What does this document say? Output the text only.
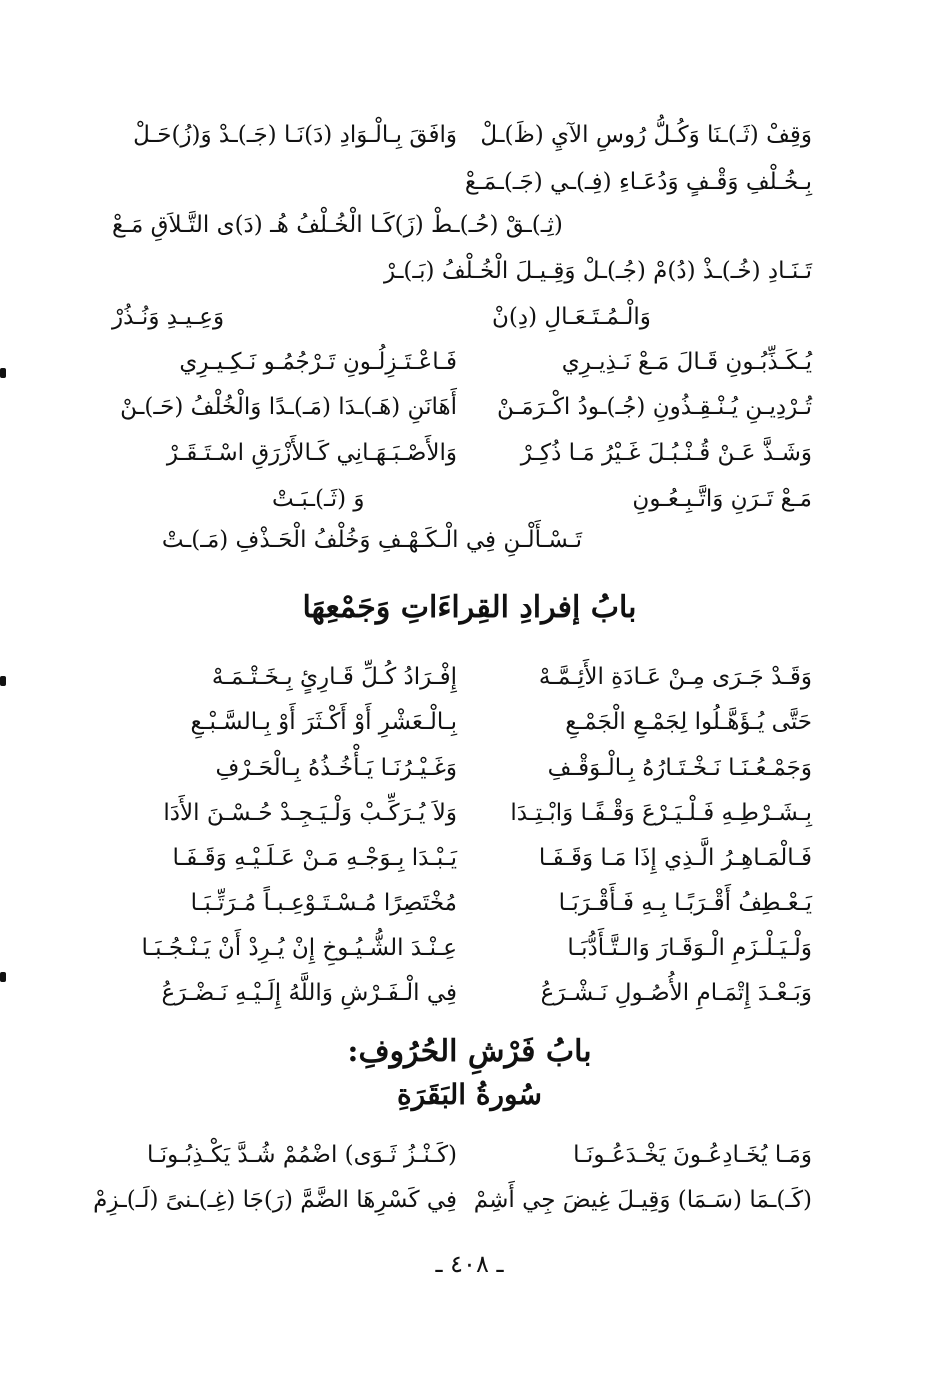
وَقِفْ (ثَـ)ـنَا وَكُـلُّ رُوسِ الآيِ (ظَ)ـلْ
وَافَقَ بِـالْـوَادِ (دَ)نَـا (جَـ)ـدْ وَ(زُ)حَـلْ
بِـخُـلْفِ وَقْـفٍ وَدُعَـاءِ (فِـ)ـي (جَـ)ـمَـعْ
(ثِـ)ـقْ (حُـ)ـطْ (زَ)كَـا الْخُـلْفُ هُـ (دَ)ى التَّـلاَقِ مَـعْ
تَـنَـادِ (خُـ)ـذْ (دُ)مْ (جُـ)ـلْ وَقِـيـلَ الْخُـلْفُ (بَـ)ـرْ
وَالْـمُـتَـعَـالِ (دِ)نْ
وَعِـيـدِ وَنُـذُرْ
يُـكَـذِّبُـونِ قَـالَ مَـعْ نَـذِيـرِي
فَـاعْـتَـزِلُـونِ تَـرْجُمُـو نَـكِـيـرِي
تُـرْدِيـنِ يُـنْـقِـذُونِ (جُـ)ـودُ اكْـرَمَـنْ
أَهَانَنِ (هَـ)ـدَا (مَـ)ـدًا وَالْخُلْفُ (حَـ)ـنْ
وَشَـذَّ عَـنْ قُـنْـبُـلَ غَـيْرُ مَـا ذُكِـرْ
وَالأَصْـبَـهَـانِي كَـالأَزْرَقِ اسْـتَـقَـرْ
مَـعْ تَـرَنِ وَاتَّـبِـعُـونِ
وَ (ثَـ)ـبَـتْ
تَـسْـأَلْـنِ فِي الْـكَـهْـفِ وَخُلْفُ الْحَـذْفِ (مَـ)ـتْ
بابُ إفرادِ القِراءَاتِ وَجَمْعِهَا
وَقَـدْ جَـرَى مِـنْ عَـادَةِ الأَئِـمَّـهْ
إِفْـرَادُ كُـلِّ قَـارِئٍ بِـخَـتْـمَـهْ
حَتَّى يُـؤَهَّـلُوا لِجَمْـعِ الْجَمْـعِ
بِـالْـعَشْرِ أَوْ أَكْـثَرَ أَوْ بِـالسَّـبْـعِ
وَجَمْـعُـنَـا نَـخْـتَـارُهُ بِـالْـوَقْـفِ
وَغَـيْـرُنَـا يَـأْخُـذُهُ بِـالْحَـرْفِ
بِـشَـرْطِـهِ فَـلْـيَـرْعَ وَقْـفًـا وَابْـتِـدَا
وَلاَ يُـرَكِّـبْ وَلْـيَـجِـدْ حُـسْـنَ الأَدَا
فَـالْمَـاهِـرُ الَّـذِي إِذَا مَـا وَقَـفَـا
يَـبْـدَا بِـوَجْـهِ مَـنْ عَـلَـيْـهِ وَقَـفَـا
يَـعْـطِفُ أَقْـرَبًـا بِـهِ فَـأَقْـرَبَـا
مُخْتَصِرًا مُـسْـتَـوْعِـبـاً مُـرَتِّـبَـا
وَلْـيَـلْـزَمِ الْـوَقَـارَ وَالـتَّـأَدُّبَـا
عِـنْـدَ الشُّـيُـوخِ إِنْ يُـرِدْ أَنْ يَـنْـجُـبَـا
وَبَـعْـدَ إِتْمَـامِ الأُصُـولِ نَـشْـرَعُ
فِي الْـفَـرْشِ وَاللَّهُ إِلَـيْـهِ نَـضْـرَعُ
بابُ فَرْشِ الحُرُوفِ:
سُورةُ البَقَرَةِ
وَمَـا يُخَـادِعُـونَ يَخْـدَعُـونَـا
(كَـنْـزُ ثَـوَى) اضْمُمْ شُـدَّ يَكْـذِبُـونَـا
(كَـ)ـمَا (سَـمَا) وَقِيـلَ غِيضَ جِي أَشِمْ
فِي كَسْرِهَا الضَّمَّ (رَ)جَا (غِـ)ـنىً (لَـ)ـزِمْ
ـ ٤٠٨ ـ
